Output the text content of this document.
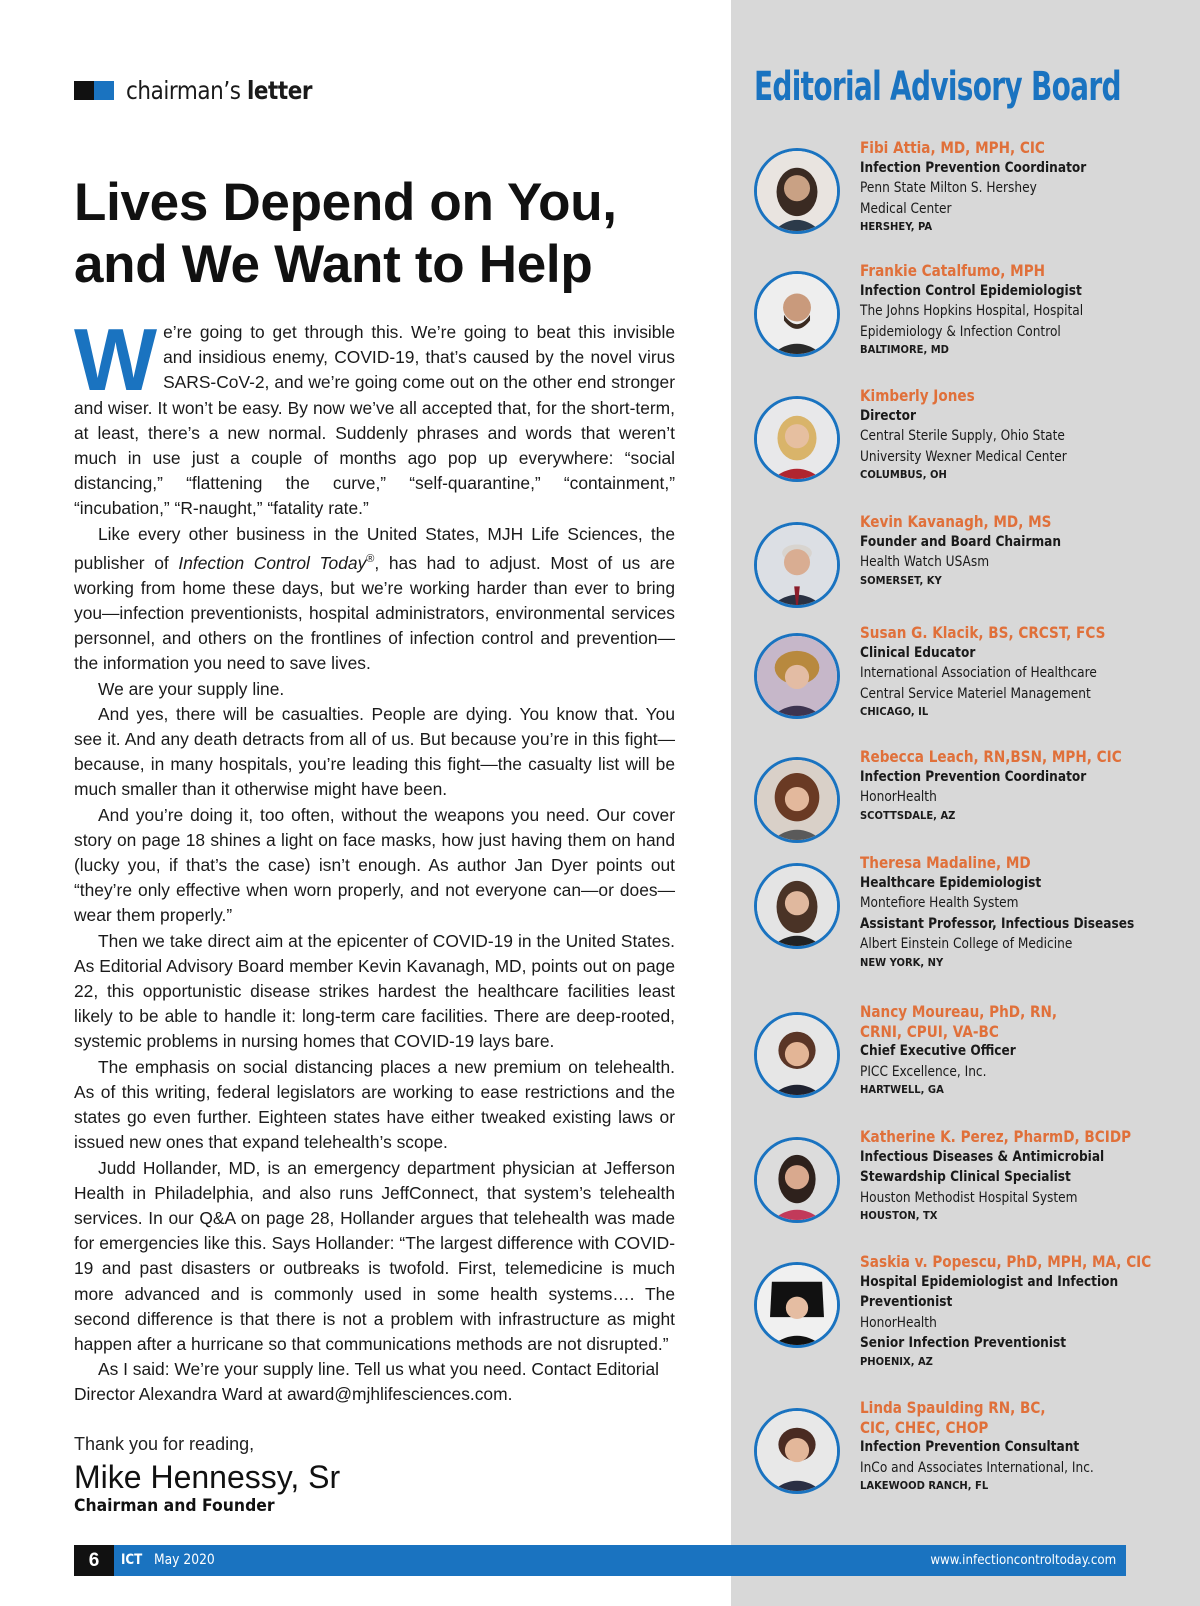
chairman’s letter
Lives Depend on You,
and We Want to Help

We’re going to get through this. We’re going to beat this invisible and insidious enemy, COVID-19, that’s caused by the novel virus SARS-CoV-2, and we’re going come out on the other end stronger and wiser. It won’t be easy. By now we’ve all accepted that, for the short-term, at least, there’s a new normal. Suddenly phrases and words that weren’t much in use just a couple of months ago pop up everywhere: “social distancing,” “flattening the curve,” “self-quarantine,” “containment,” “incubation,” “R-naught,” “fatality rate.”

Like every other business in the United States, MJH Life Sciences, the publisher of Infection Control Today®, has had to adjust. Most of us are working from home these days, but we’re working harder than ever to bring you—infection preventionists, hospital administrators, environmental services personnel, and others on the frontlines of infection control and prevention—the information you need to save lives.

We are your supply line.

And yes, there will be casualties. People are dying. You know that. You see it. And any death detracts from all of us. But because you’re in this fight—because, in many hospitals, you’re leading this fight—the casualty list will be much smaller than it otherwise might have been.

And you’re doing it, too often, without the weapons you need. Our cover story on page 18 shines a light on face masks, how just having them on hand (lucky you, if that’s the case) isn’t enough. As author Jan Dyer points out “they’re only effective when worn properly, and not everyone can—or does—wear them properly.”

Then we take direct aim at the epicenter of COVID-19 in the United States. As Editorial Advisory Board member Kevin Kavanagh, MD, points out on page 22, this opportunistic disease strikes hardest the healthcare facilities least likely to be able to handle it: long-term care facilities. There are deep-rooted, systemic problems in nursing homes that COVID-19 lays bare.

The emphasis on social distancing places a new premium on telehealth. As of this writing, federal legislators are working to ease restrictions and the states go even further. Eighteen states have either tweaked existing laws or issued new ones that expand telehealth’s scope.

Judd Hollander, MD, is an emergency department physician at Jefferson Health in Philadelphia, and also runs JeffConnect, that system’s telehealth services. In our Q&A on page 28, Hollander argues that telehealth was made for emergencies like this. Says Hollander: “The largest difference with COVID-19 and past disasters or outbreaks is twofold. First, telemedicine is much more advanced and is commonly used in some health systems…. The second difference is that there is not a problem with infrastructure as might happen after a hurricane so that communications methods are not disrupted.”

As I said: We’re your supply line. Tell us what you need. Contact Editorial Director Alexandra Ward at award@mjhlifesciences.com.

Thank you for reading,
Mike Hennessy, Sr
Chairman and Founder
Editorial Advisory Board
Fibi Attia, MD, MPH, CIC
Infection Prevention Coordinator
Penn State Milton S. Hershey
Medical Center
HERSHEY, PA
Frankie Catalfumo, MPH
Infection Control Epidemiologist
The Johns Hopkins Hospital, Hospital
Epidemiology & Infection Control
BALTIMORE, MD
Kimberly Jones
Director
Central Sterile Supply, Ohio State
University Wexner Medical Center
COLUMBUS, OH
Kevin Kavanagh, MD, MS
Founder and Board Chairman
Health Watch USAsm
SOMERSET, KY
Susan G. Klacik, BS, CRCST, FCS
Clinical Educator
International Association of Healthcare
Central Service Materiel Management
CHICAGO, IL
Rebecca Leach, RN,BSN, MPH, CIC
Infection Prevention Coordinator
HonorHealth
SCOTTSDALE, AZ
Theresa Madaline, MD
Healthcare Epidemiologist
Montefiore Health System
Assistant Professor, Infectious Diseases
Albert Einstein College of Medicine
NEW YORK, NY
Nancy Moureau, PhD, RN,
CRNI, CPUI, VA-BC
Chief Executive Officer
PICC Excellence, Inc.
HARTWELL, GA
Katherine K. Perez, PharmD, BCIDP
Infectious Diseases & Antimicrobial
Stewardship Clinical Specialist
Houston Methodist Hospital System
HOUSTON, TX
Saskia v. Popescu, PhD, MPH, MA, CIC
Hospital Epidemiologist and Infection
Preventionist
HonorHealth
Senior Infection Preventionist
PHOENIX, AZ
Linda Spaulding RN, BC,
CIC, CHEC, CHOP
Infection Prevention Consultant
InCo and Associates International, Inc.
LAKEWOOD RANCH, FL
6	ICT May 2020	www.infectioncontroltoday.com
